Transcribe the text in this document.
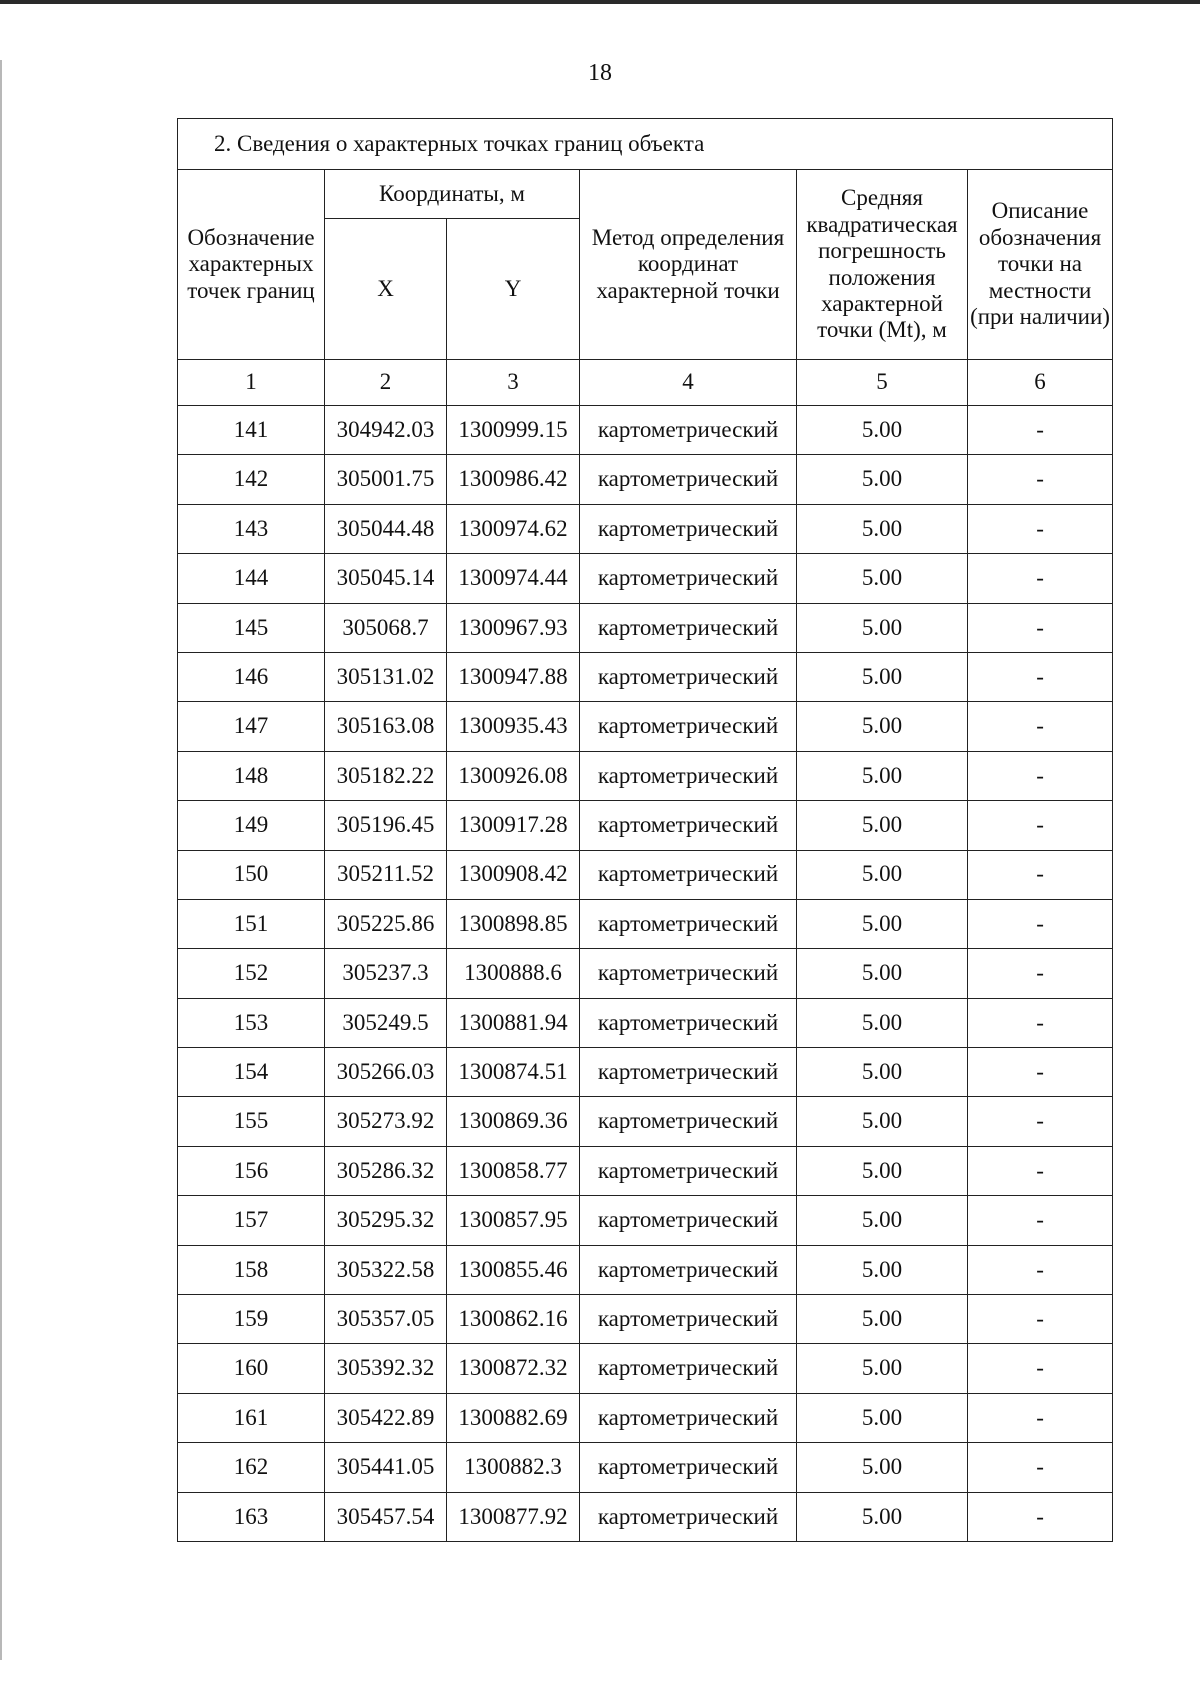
18
2. Сведения о характерных точках границ объекта					
Обозначение характерных точек границ	Координаты, м		Метод определения координат характерной точки	Средняя квадратическая погрешность положения характерной точки (Mt), м	Описание обозначения точки на местности (при наличии)
	X	Y			
1	2	3	4	5	6
141	304942.03	1300999.15	картометрический	5.00	-
142	305001.75	1300986.42	картометрический	5.00	-
143	305044.48	1300974.62	картометрический	5.00	-
144	305045.14	1300974.44	картометрический	5.00	-
145	305068.7	1300967.93	картометрический	5.00	-
146	305131.02	1300947.88	картометрический	5.00	-
147	305163.08	1300935.43	картометрический	5.00	-
148	305182.22	1300926.08	картометрический	5.00	-
149	305196.45	1300917.28	картометрический	5.00	-
150	305211.52	1300908.42	картометрический	5.00	-
151	305225.86	1300898.85	картометрический	5.00	-
152	305237.3	1300888.6	картометрический	5.00	-
153	305249.5	1300881.94	картометрический	5.00	-
154	305266.03	1300874.51	картометрический	5.00	-
155	305273.92	1300869.36	картометрический	5.00	-
156	305286.32	1300858.77	картометрический	5.00	-
157	305295.32	1300857.95	картометрический	5.00	-
158	305322.58	1300855.46	картометрический	5.00	-
159	305357.05	1300862.16	картометрический	5.00	-
160	305392.32	1300872.32	картометрический	5.00	-
161	305422.89	1300882.69	картометрический	5.00	-
162	305441.05	1300882.3	картометрический	5.00	-
163	305457.54	1300877.92	картометрический	5.00	-
